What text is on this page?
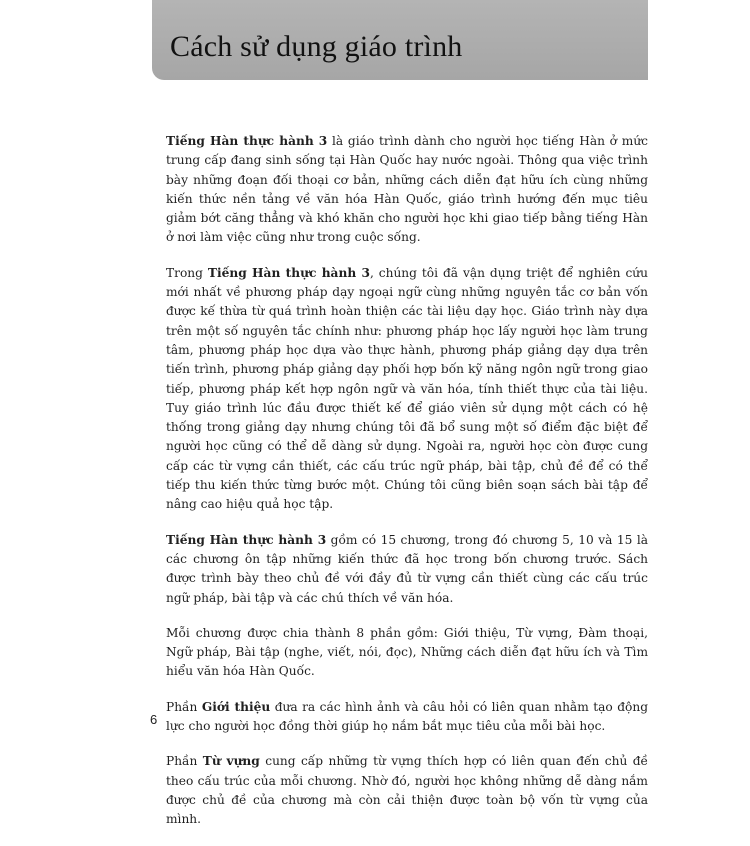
Cách sử dụng giáo trình

Tiếng Hàn thực hành 3 là giáo trình dành cho người học tiếng Hàn ở mức trung cấp đang sinh sống tại Hàn Quốc hay nước ngoài. Thông qua việc trình bày những đoạn đối thoại cơ bản, những cách diễn đạt hữu ích cùng những kiến thức nền tảng về văn hóa Hàn Quốc, giáo trình hướng đến mục tiêu giảm bớt căng thẳng và khó khăn cho người học khi giao tiếp bằng tiếng Hàn ở nơi làm việc cũng như trong cuộc sống.

Trong Tiếng Hàn thực hành 3, chúng tôi đã vận dụng triệt để nghiên cứu mới nhất về phương pháp dạy ngoại ngữ cùng những nguyên tắc cơ bản vốn được kế thừa từ quá trình hoàn thiện các tài liệu dạy học. Giáo trình này dựa trên một số nguyên tắc chính như: phương pháp học lấy người học làm trung tâm, phương pháp học dựa vào thực hành, phương pháp giảng dạy dựa trên tiến trình, phương pháp giảng dạy phối hợp bốn kỹ năng ngôn ngữ trong giao tiếp, phương pháp kết hợp ngôn ngữ và văn hóa, tính thiết thực của tài liệu. Tuy giáo trình lúc đầu được thiết kế để giáo viên sử dụng một cách có hệ thống trong giảng dạy nhưng chúng tôi đã bổ sung một số điểm đặc biệt để người học cũng có thể dễ dàng sử dụng. Ngoài ra, người học còn được cung cấp các từ vựng cần thiết, các cấu trúc ngữ pháp, bài tập, chủ đề để có thể tiếp thu kiến thức từng bước một. Chúng tôi cũng biên soạn sách bài tập để nâng cao hiệu quả học tập.

Tiếng Hàn thực hành 3 gồm có 15 chương, trong đó chương 5, 10 và 15 là các chương ôn tập những kiến thức đã học trong bốn chương trước. Sách được trình bày theo chủ đề với đầy đủ từ vựng cần thiết cùng các cấu trúc ngữ pháp, bài tập và các chú thích về văn hóa.

Mỗi chương được chia thành 8 phần gồm: Giới thiệu, Từ vựng, Đàm thoại, Ngữ pháp, Bài tập (nghe, viết, nói, đọc), Những cách diễn đạt hữu ích và Tìm hiểu văn hóa Hàn Quốc.

Phần Giới thiệu đưa ra các hình ảnh và câu hỏi có liên quan nhằm tạo động lực cho người học đồng thời giúp họ nắm bắt mục tiêu của mỗi bài học.

Phần Từ vựng cung cấp những từ vựng thích hợp có liên quan đến chủ đề theo cấu trúc của mỗi chương. Nhờ đó, người học không những dễ dàng nắm được chủ đề của chương mà còn cải thiện được toàn bộ vốn từ vựng của mình.

6
